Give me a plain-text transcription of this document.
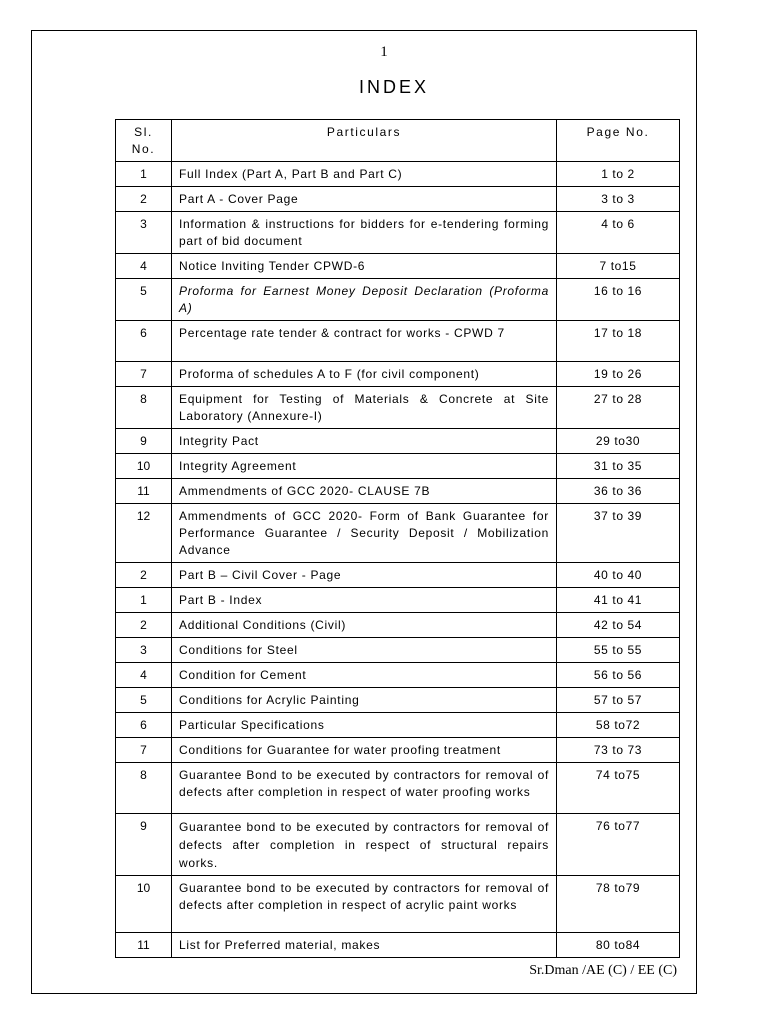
1
INDEX
Sl. No.	Particulars	Page No.
1	Full Index (Part A, Part B and Part C)	1 to 2
2	Part A - Cover Page	3 to 3
3	Information & instructions for bidders for e-tendering forming part of bid document	4 to 6
4	Notice Inviting Tender CPWD-6	7 to15
5	Proforma for Earnest Money Deposit Declaration (Proforma A)	16 to 16
6	Percentage rate tender & contract for works - CPWD 7	17 to 18
7	Proforma of schedules A to F (for civil component)	19 to 26
8	Equipment for Testing of Materials & Concrete at Site Laboratory (Annexure-I)	27 to 28
9	Integrity Pact	29 to30
10	Integrity Agreement	31 to 35
11	Ammendments of GCC 2020- CLAUSE 7B	36 to 36
12	Ammendments of GCC 2020- Form of Bank Guarantee for Performance Guarantee / Security Deposit / Mobilization Advance	37 to 39
2	Part B – Civil Cover - Page	40 to 40
1	Part B - Index	41 to 41
2	Additional Conditions (Civil)	42 to 54
3	Conditions for Steel	55 to 55
4	Condition for Cement	56 to 56
5	Conditions for Acrylic Painting	57 to 57
6	Particular Specifications	58 to72
7	Conditions for Guarantee for water proofing treatment	73 to 73
8	Guarantee Bond to be executed by contractors for removal of defects after completion in respect of water proofing works	74 to75
9	Guarantee bond to be executed by contractors for removal of defects after completion in respect of structural repairs works.	76 to77
10	Guarantee bond to be executed by contractors for removal of defects after completion in respect of acrylic paint works	78 to79
11	List for Preferred material, makes	80 to84
Sr.Dman /AE (C) / EE (C)
